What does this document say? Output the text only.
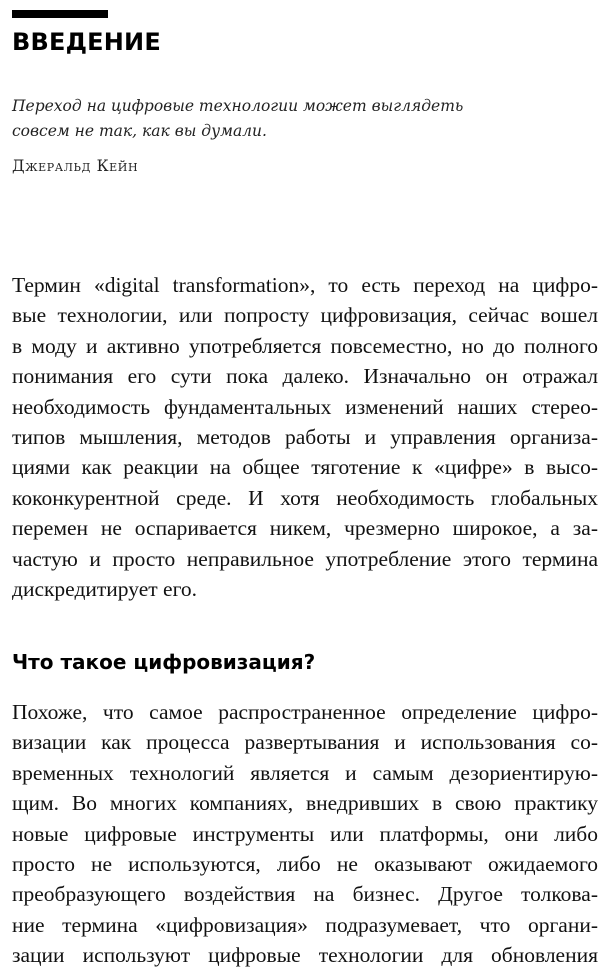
ВВЕДЕНИЕ
Переход на цифровые технологии может выглядеть
совсем не так, как вы думали.
Джеральд Кейн
Термин «digital transformation», то есть переход на цифро-
вые технологии, или попросту цифровизация, сейчас вошел
в моду и активно употребляется повсеместно, но до полного
понимания его сути пока далеко. Изначально он отражал
необходимость фундаментальных изменений наших стерео-
типов мышления, методов работы и управления организа-
циями как реакции на общее тяготение к «цифре» в высо-
коконкурентной среде. И хотя необходимость глобальных
перемен не оспаривается никем, чрезмерно широкое, а за-
частую и просто неправильное употребление этого термина
дискредитирует его.
Что такое цифровизация?
Похоже, что самое распространенное определение цифро-
визации как процесса развертывания и использования со-
временных технологий является и самым дезориентирую-
щим. Во многих компаниях, внедривших в свою практику
новые цифровые инструменты или платформы, они либо
просто не используются, либо не оказывают ожидаемого
преобразующего воздействия на бизнес. Другое толкова-
ние термина «цифровизация» подразумевает, что органи-
зации используют цифровые технологии для обновления
